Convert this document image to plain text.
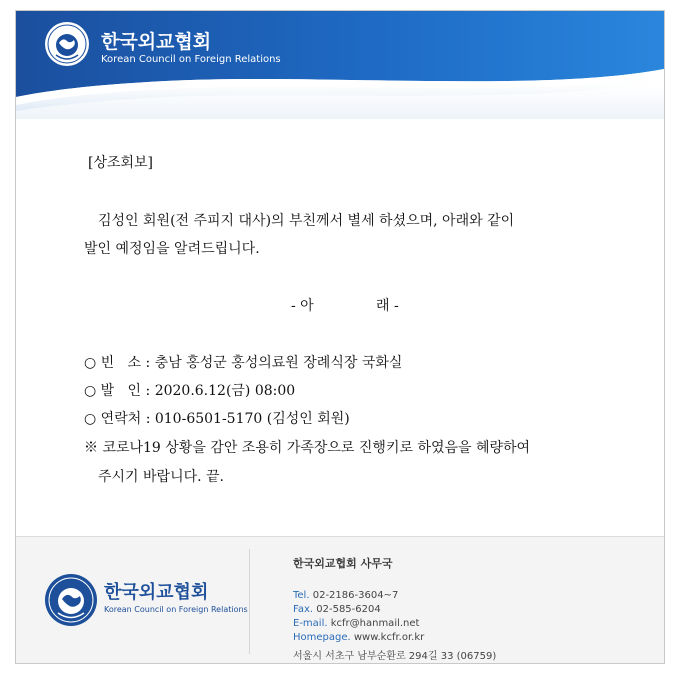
한국외교협회
Korean Council on Foreign Relations
[상조회보]
김성인 회원(전 주피지 대사)의 부친께서 별세 하셨으며, 아래와 같이
발인 예정임을 알려드립니다.
- 아	래 -
○ 빈   소 : 충남 홍성군 홍성의료원 장례식장 국화실
○ 발   인 : 2020.6.12(금) 08:00
○ 연락처 : 010-6501-5170 (김성인 회원)
※ 코로나19 상황을 감안 조용히 가족장으로 진행키로 하였음을 혜량하여
주시기 바랍니다. 끝.
한국외교협회
Korean Council on Foreign Relations
한국외교협회 사무국
Tel. 02-2186-3604~7
Fax. 02-585-6204
E-mail. kcfr@hanmail.net
Homepage. www.kcfr.or.kr
서울시 서초구 남부순환로 294길 33 (06759)
